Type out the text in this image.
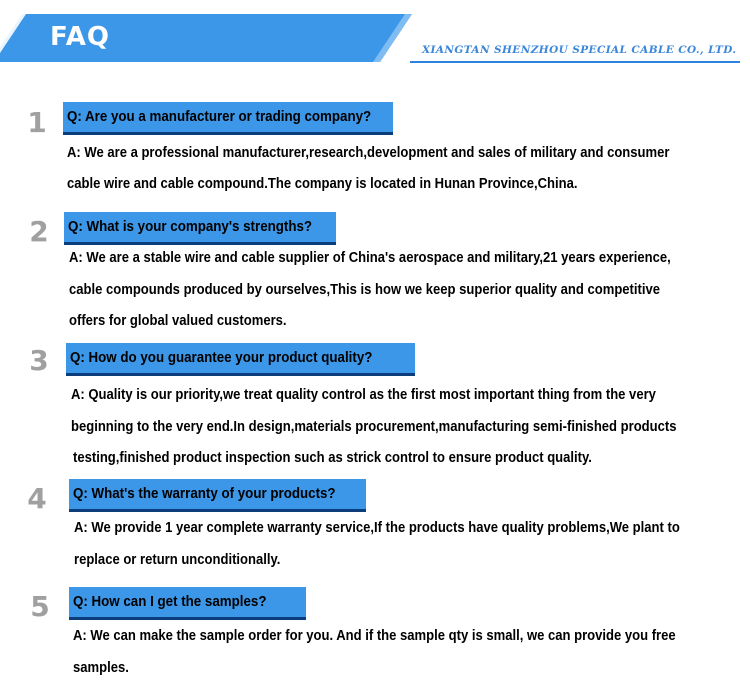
FAQ	XIANGTAN SHENZHOU SPECIAL CABLE CO., LTD.
1 Q: Are you a manufacturer or trading company?
A: We are a professional manufacturer,research,development and sales of military and consumer
cable wire and cable compound.The company is located in Hunan Province,China.
2 Q: What is your company's strengths?
A: We are a stable wire and cable supplier of China's aerospace and military,21 years experience,
cable compounds produced by ourselves,This is how we keep superior quality and competitive
offers for global valued customers.
3 Q: How do you guarantee your product quality?
A: Quality is our priority,we treat quality control as the first most important thing from the very
beginning to the very end.In design,materials procurement,manufacturing semi-finished products
testing,finished product inspection such as strick control to ensure product quality.
4 Q: What's the warranty of your products?
A: We provide 1 year complete warranty service,If the products have quality problems,We plant to
replace or return unconditionally.
5 Q: How can I get the samples?
A: We can make the sample order for you. And if the sample qty is small, we can provide you free
samples.
